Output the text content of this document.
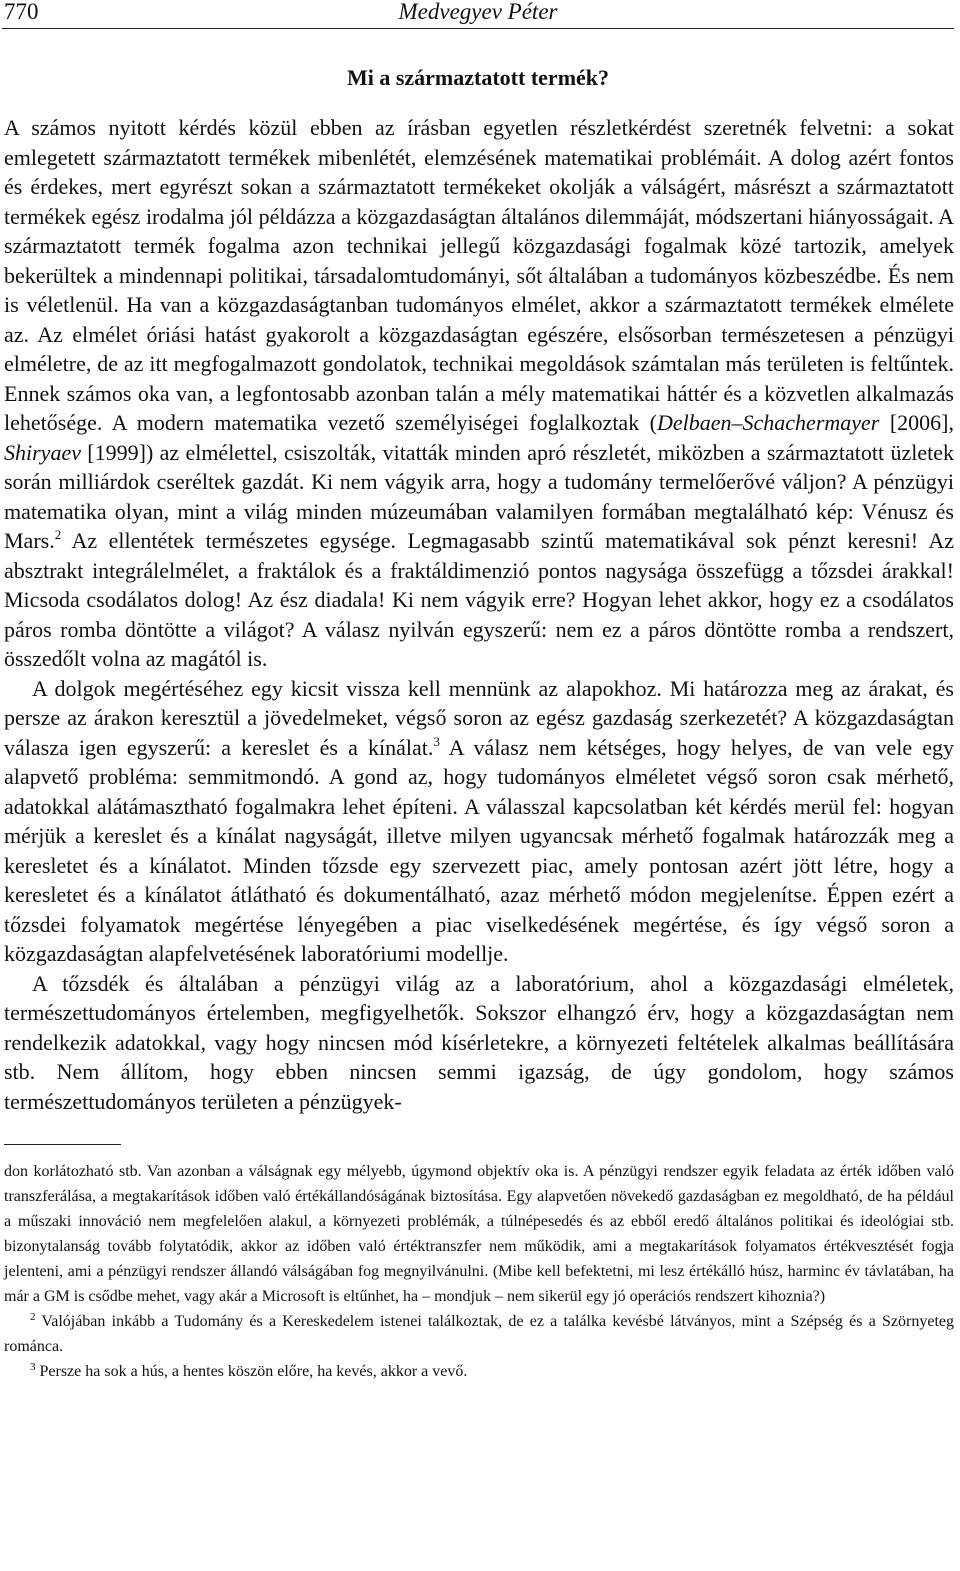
770	Medvegyev Péter
Mi a származtatott termék?

A számos nyitott kérdés közül ebben az írásban egyetlen részletkérdést szeretnék felvetni: a sokat emlegetett származtatott termékek mibenlétét, elemzésének matematikai problémáit. A dolog azért fontos és érdekes, mert egyrészt sokan a származtatott termékeket okolják a válságért, másrészt a származtatott termékek egész irodalma jól példázza a közgazdaságtan általános dilemmáját, módszertani hiányosságait. A származtatott termék fogalma azon technikai jellegű közgazdasági fogalmak közé tartozik, amelyek bekerültek a mindennapi politikai, társadalomtudományi, sőt általában a tudományos közbeszédbe. És nem is véletlenül. Ha van a közgazdaságtanban tudományos elmélet, akkor a származtatott termékek elmélete az. Az elmélet óriási hatást gyakorolt a közgazdaságtan egészére, elsősorban természetesen a pénzügyi elméletre, de az itt megfogalmazott gondolatok, technikai megoldások számtalan más területen is feltűntek. Ennek számos oka van, a legfontosabb azonban talán a mély matematikai háttér és a közvetlen alkalmazás lehetősége. A modern matematika vezető személyiségei foglalkoztak (Delbaen–Schachermayer [2006], Shiryaev [1999]) az elmélettel, csiszolták, vitatták minden apró részletét, miközben a származtatott üzletek során milliárdok cseréltek gazdát. Ki nem vágyik arra, hogy a tudomány termelőerővé váljon? A pénzügyi matematika olyan, mint a világ minden múzeumában valamilyen formában megtalálható kép: Vénusz és Mars.$^2$ Az ellentétek természetes egysége. Legmagasabb szintű matematikával sok pénzt keresni! Az absztrakt integrálelmélet, a fraktálok és a fraktáldimenzió pontos nagysága összefügg a tőzsdei árakkal! Micsoda csodálatos dolog! Az ész diadala! Ki nem vágyik erre? Hogyan lehet akkor, hogy ez a csodálatos páros romba döntötte a világot? A válasz nyilván egyszerű: nem ez a páros döntötte romba a rendszert, összedőlt volna az magától is.

A dolgok megértéséhez egy kicsit vissza kell mennünk az alapokhoz. Mi határozza meg az árakat, és persze az árakon keresztül a jövedelmeket, végső soron az egész gazdaság szerkezetét? A közgazdaságtan válasza igen egyszerű: a kereslet és a kínálat.$^3$ A válasz nem kétséges, hogy helyes, de van vele egy alapvető probléma: semmitmondó. A gond az, hogy tudományos elméletet végső soron csak mérhető, adatokkal alátámasztható fogalmakra lehet építeni. A válasszal kapcsolatban két kérdés merül fel: hogyan mérjük a kereslet és a kínálat nagyságát, illetve milyen ugyancsak mérhető fogalmak határozzák meg a keresletet és a kínálatot. Minden tőzsde egy szervezett piac, amely pontosan azért jött létre, hogy a keresletet és a kínálatot átlátható és dokumentálható, azaz mérhető módon megjelenítse. Éppen ezért a tőzsdei folyamatok megértése lényegében a piac viselkedésének megértése, és így végső soron a közgazdaságtan alapfelvetésének laboratóriumi modellje.

A tőzsdék és általában a pénzügyi világ az a laboratórium, ahol a közgazdasági elméletek, természettudományos értelemben, megfigyelhetők. Sokszor elhangzó érv, hogy a közgazdaságtan nem rendelkezik adatokkal, vagy hogy nincsen mód kísérletekre, a környezeti feltételek alkalmas beállítására stb. Nem állítom, hogy ebben nincsen semmi igazság, de úgy gondolom, hogy számos természettudományos területen a pénzügyek-

don korlátozható stb. Van azonban a válságnak egy mélyebb, úgymond objektív oka is. A pénzügyi rendszer egyik feladata az érték időben való transzferálása, a megtakarítások időben való értékállandóságának biztosítása. Egy alapvetően növekedő gazdaságban ez megoldható, de ha például a műszaki innováció nem megfelelően alakul, a környezeti problémák, a túlnépesedés és az ebből eredő általános politikai és ideológiai stb. bizonytalanság tovább folytatódik, akkor az időben való értéktranszfer nem működik, ami a megtakarítások folyamatos értékvesztését fogja jelenteni, ami a pénzügyi rendszer állandó válságában fog megnyilvánulni. (Mibe kell befektetni, mi lesz értékálló húsz, harminc év távlatában, ha már a GM is csődbe mehet, vagy akár a Microsoft is eltűnhet, ha – mondjuk – nem sikerül egy jó operációs rendszert kihoznia?)

$^2$ Valójában inkább a Tudomány és a Kereskedelem istenei találkoztak, de ez a találka kevésbé látványos, mint a Szépség és a Szörnyeteg románca.

$^3$ Persze ha sok a hús, a hentes köszön előre, ha kevés, akkor a vevő.
